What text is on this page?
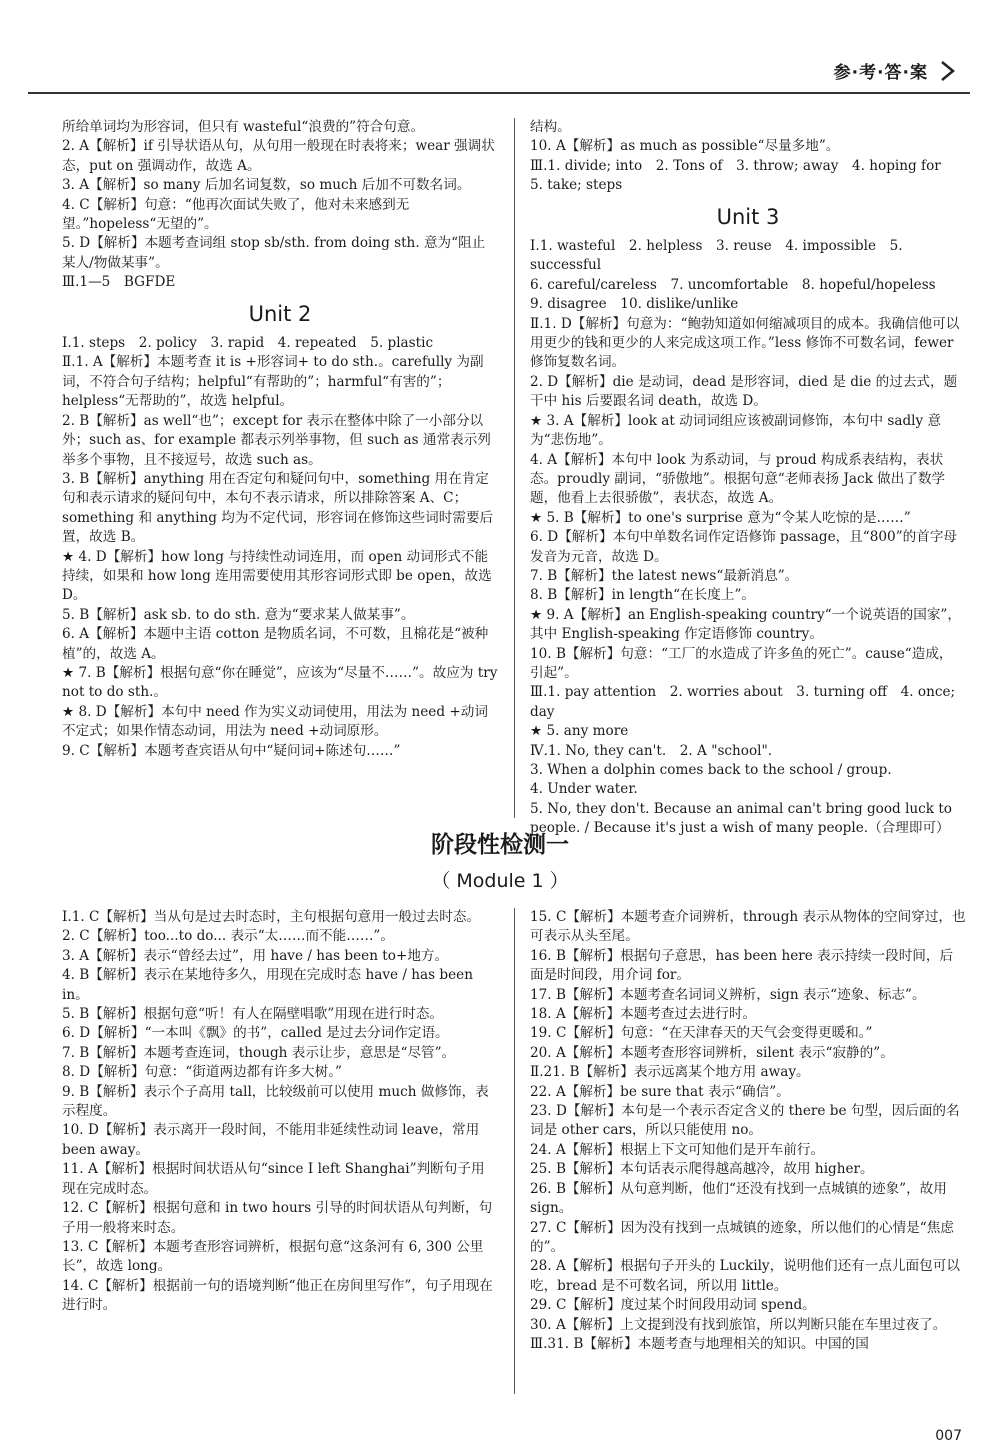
参·考·答·案

所给单词均为形容词，但只有 wasteful“浪费的”符合句意。

2. A【解析】if 引导状语从句，从句用一般现在时表将来；wear 强调状态，put on 强调动作，故选 A。

3. A【解析】so many 后加名词复数，so much 后加不可数名词。

4. C【解析】句意：“他再次面试失败了，他对未来感到无望。”hopeless“无望的”。

5. D【解析】本题考查词组 stop sb/sth. from doing sth. 意为“阻止某人/物做某事”。

Ⅲ.1—5　BGFDE

Unit 2

Ⅰ.1. steps　2. policy　3. rapid　4. repeated　5. plastic

Ⅱ.1. A【解析】本题考查 it is +形容词+ to do sth.。carefully 为副词，不符合句子结构；helpful“有帮助的”；harmful“有害的”；helpless“无帮助的”，故选 helpful。

2. B【解析】as well“也”；except for 表示在整体中除了一小部分以外；such as、for example 都表示列举事物，但 such as 通常表示列举多个事物，且不接逗号，故选 such as。

3. B【解析】anything 用在否定句和疑问句中，something 用在肯定句和表示请求的疑问句中，本句不表示请求，所以排除答案 A、C；something 和 anything 均为不定代词，形容词在修饰这些词时需要后置，故选 B。

★ 4. D【解析】how long 与持续性动词连用，而 open 动词形式不能持续，如果和 how long 连用需要使用其形容词形式即 be open，故选 D。

5. B【解析】ask sb. to do sth. 意为“要求某人做某事”。

6. A【解析】本题中主语 cotton 是物质名词，不可数，且棉花是“被种植”的，故选 A。

★ 7. B【解析】根据句意“你在睡觉”，应该为“尽量不……”。故应为 try not to do sth.。

★ 8. D【解析】本句中 need 作为实义动词使用，用法为 need +动词不定式；如果作情态动词，用法为 need +动词原形。

9. C【解析】本题考查宾语从句中“疑问词+陈述句……”

结构。

10. A【解析】as much as possible“尽量多地”。

Ⅲ.1. divide; into　2. Tons of　3. throw; away　4. hoping for

5. take; steps

Unit 3

Ⅰ.1. wasteful　2. helpless　3. reuse　4. impossible　5. successful

6. careful/careless　7. uncomfortable　8. hopeful/hopeless

9. disagree　10. dislike/unlike

Ⅱ.1. D【解析】句意为：“鲍勃知道如何缩减项目的成本。我确信他可以用更少的钱和更少的人来完成这项工作。”less 修饰不可数名词，fewer 修饰复数名词。

2. D【解析】die 是动词，dead 是形容词，died 是 die 的过去式，题干中 his 后要跟名词 death，故选 D。

★ 3. A【解析】look at 动词词组应该被副词修饰，本句中 sadly 意为“悲伤地”。

4. A【解析】本句中 look 为系动词，与 proud 构成系表结构，表状态。proudly 副词，“骄傲地”。根据句意“老师表扬 Jack 做出了数学题，他看上去很骄傲”，表状态，故选 A。

★ 5. B【解析】to one's surprise 意为“令某人吃惊的是……”

6. D【解析】本句中单数名词作定语修饰 passage，且“800”的首字母发音为元音，故选 D。

7. B【解析】the latest news“最新消息”。

8. B【解析】in length“在长度上”。

★ 9. A【解析】an English-speaking country“一个说英语的国家”，其中 English-speaking 作定语修饰 country。

10. B【解析】句意：“工厂的水造成了许多鱼的死亡”。cause“造成，引起”。

Ⅲ.1. pay attention　2. worries about　3. turning off　4. once; day

★ 5. any more

Ⅳ.1. No, they can't.　2. A "school".

3. When a dolphin comes back to the school / group.

4. Under water.

5. No, they don't. Because an animal can't bring good luck to people. / Because it's just a wish of many people.（合理即可）

阶段性检测一
（ Module 1 ）

Ⅰ.1. C【解析】当从句是过去时态时，主句根据句意用一般过去时态。

2. C【解析】too...to do... 表示“太……而不能……”。

3. A【解析】表示“曾经去过”，用 have / has been to+地方。

4. B【解析】表示在某地待多久，用现在完成时态 have / has been in。

5. B【解析】根据句意“听！有人在隔壁唱歌”用现在进行时态。

6. D【解析】“一本叫《飘》的书”，called 是过去分词作定语。

7. B【解析】本题考查连词，though 表示让步，意思是“尽管”。

8. D【解析】句意：“街道两边都有许多大树。”

9. B【解析】表示个子高用 tall，比较级前可以使用 much 做修饰，表示程度。

10. D【解析】表示离开一段时间，不能用非延续性动词 leave，常用 been away。

11. A【解析】根据时间状语从句“since I left Shanghai”判断句子用现在完成时态。

12. C【解析】根据句意和 in two hours 引导的时间状语从句判断，句子用一般将来时态。

13. C【解析】本题考查形容词辨析，根据句意“这条河有 6, 300 公里长”，故选 long。

14. C【解析】根据前一句的语境判断“他正在房间里写作”，句子用现在进行时。

15. C【解析】本题考查介词辨析，through 表示从物体的空间穿过，也可表示从头至尾。

16. B【解析】根据句子意思，has been here 表示持续一段时间，后面是时间段，用介词 for。

17. B【解析】本题考查名词词义辨析，sign 表示“迹象、标志”。

18. A【解析】本题考查过去进行时。

19. C【解析】句意：“在天津春天的天气会变得更暖和。”

20. A【解析】本题考查形容词辨析，silent 表示“寂静的”。

Ⅱ.21. B【解析】表示远离某个地方用 away。

22. A【解析】be sure that 表示“确信”。

23. D【解析】本句是一个表示否定含义的 there be 句型，因后面的名词是 other cars，所以只能使用 no。

24. A【解析】根据上下文可知他们是开车前行。

25. B【解析】本句话表示爬得越高越冷，故用 higher。

26. B【解析】从句意判断，他们“还没有找到一点城镇的迹象”，故用 sign。

27. C【解析】因为没有找到一点城镇的迹象，所以他们的心情是“焦虑的”。

28. A【解析】根据句子开头的 Luckily，说明他们还有一点儿面包可以吃，bread 是不可数名词，所以用 little。

29. C【解析】度过某个时间段用动词 spend。

30. A【解析】上文提到没有找到旅馆，所以判断只能在车里过夜了。

Ⅲ.31. B【解析】本题考查与地理相关的知识。中国的国

007
